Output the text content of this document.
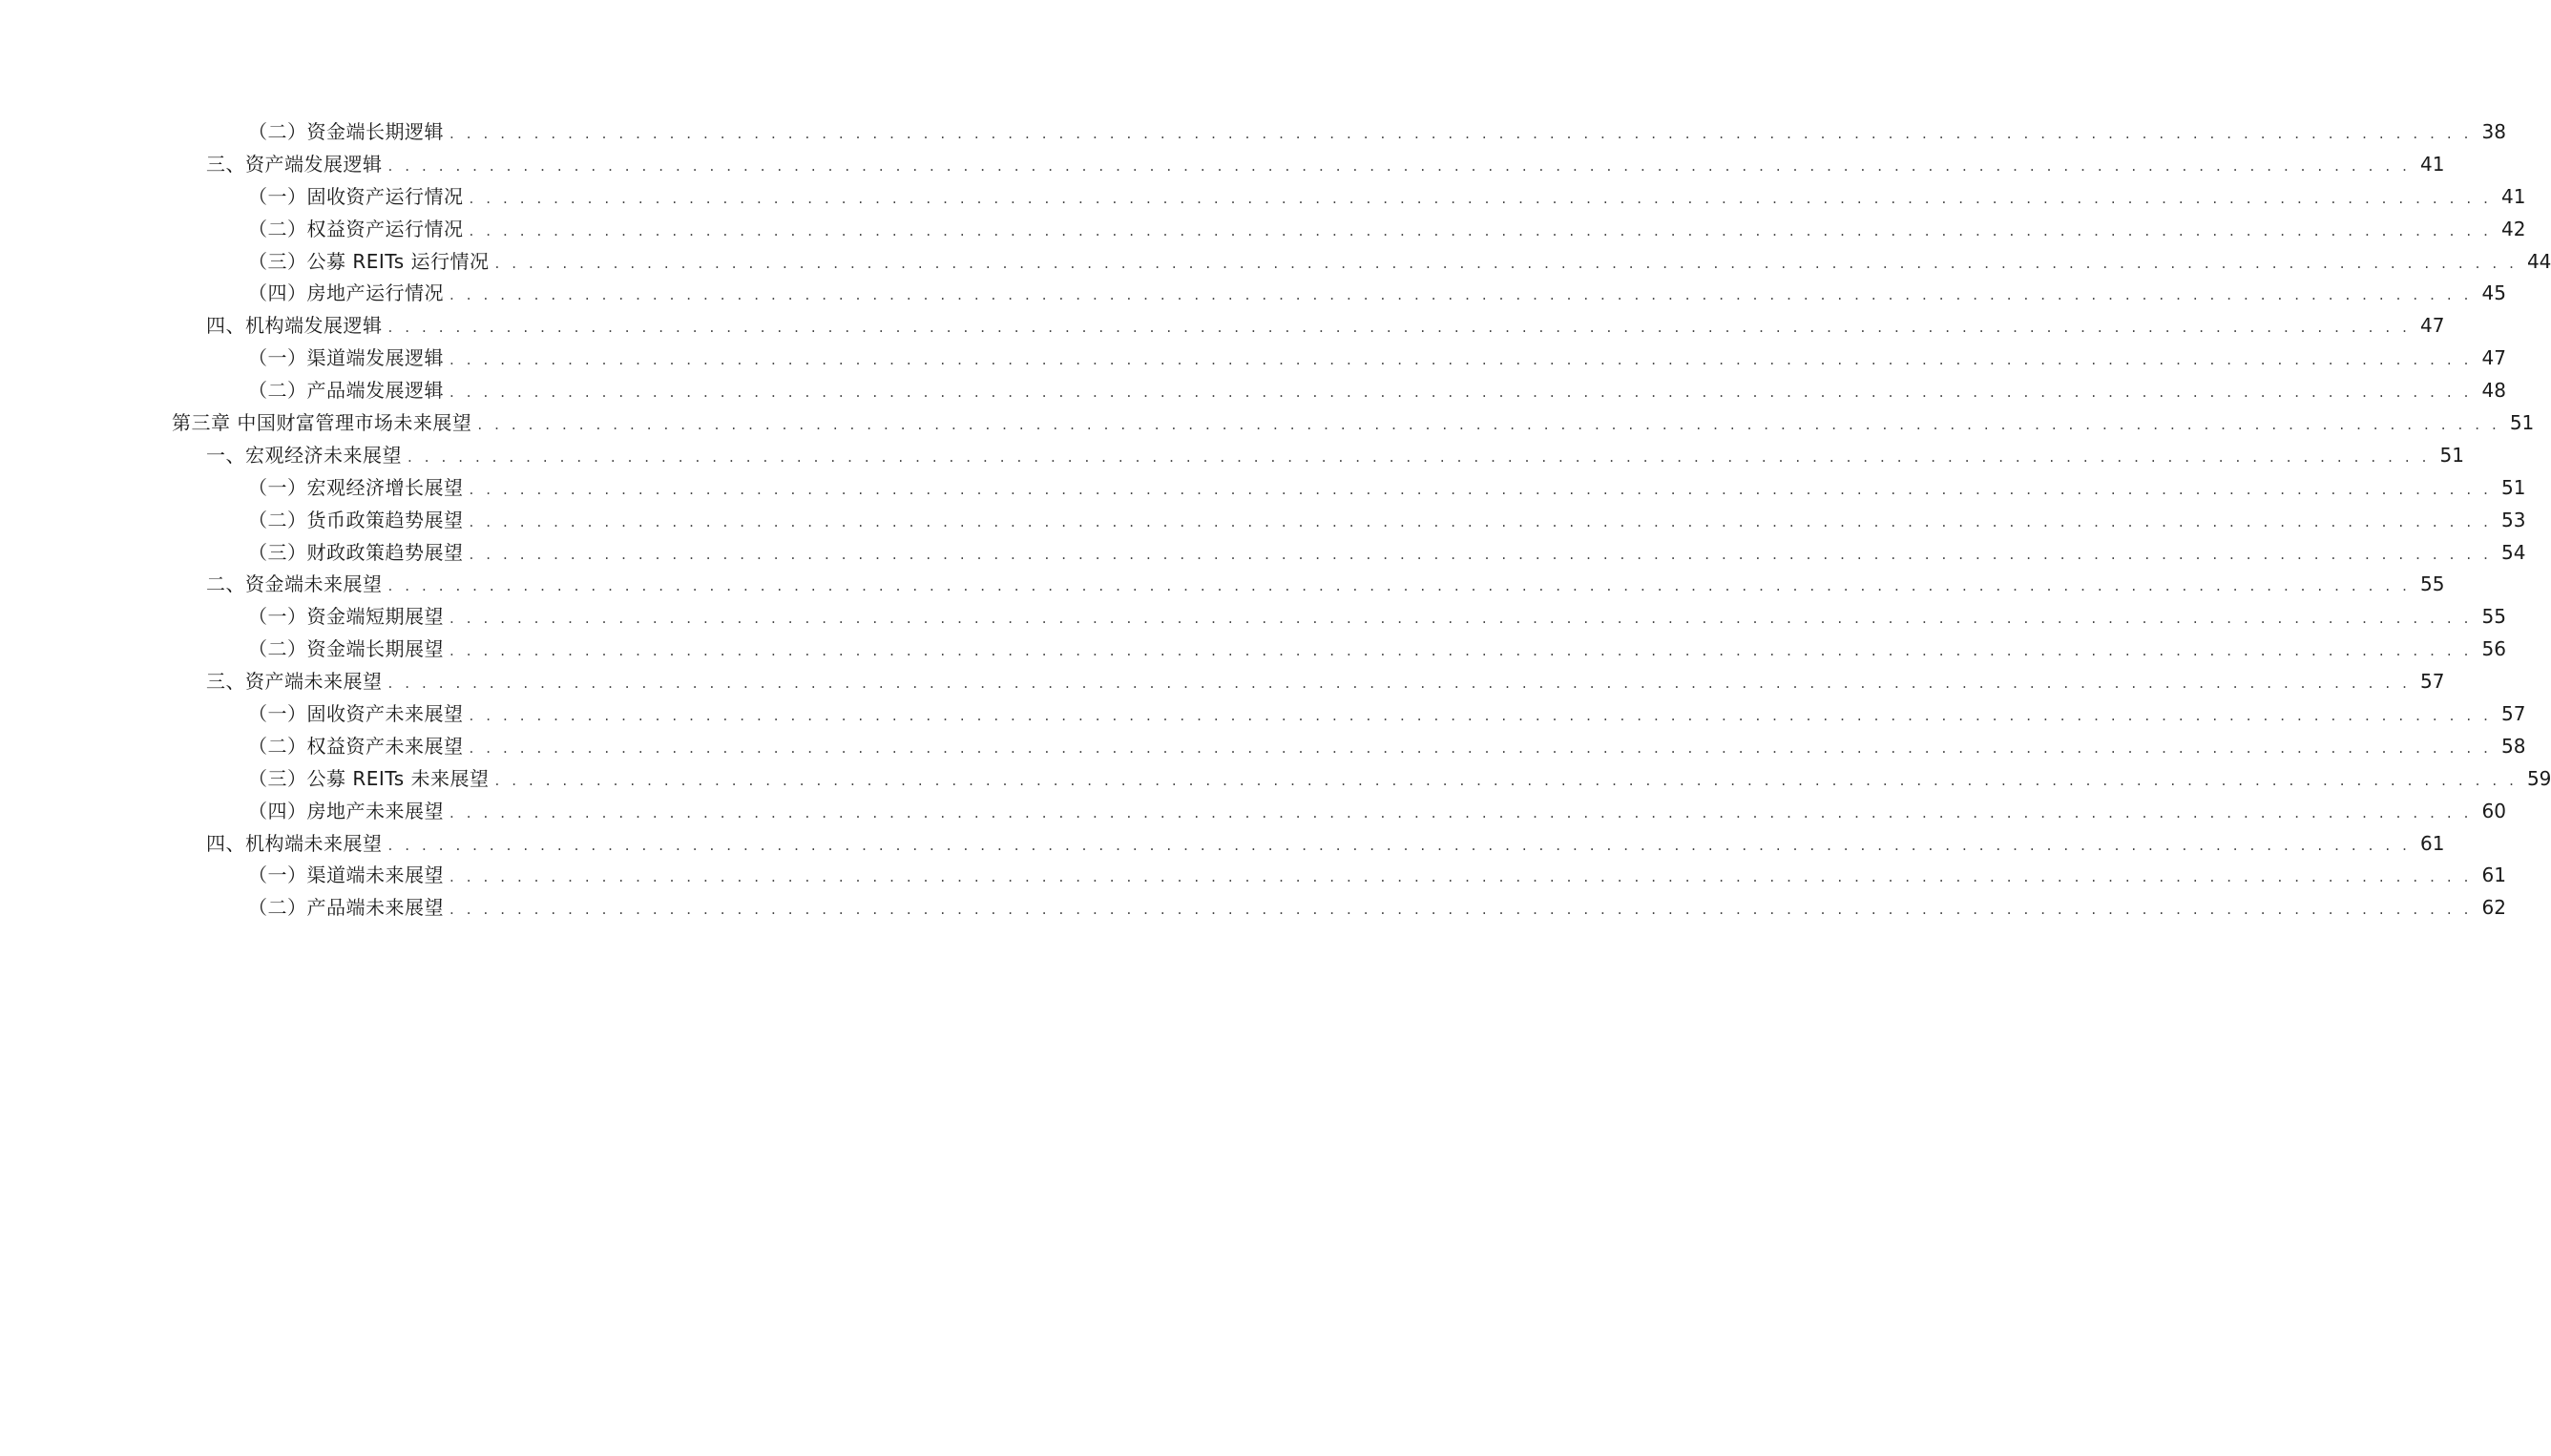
（二）资金端长期逻辑 . . . . . . . . . . . . . . . . . . . . . . . . . . . . . . . . . . . . . . . . . . . . . . . . . . . . . . . . . . . . . . . . . . . . . . . . . . . . . . . . . . . . . . . . . . . . . . . . . . . . . . . . . . . . . . . . . . . . . . . . 38
三、资产端发展逻辑 . . . . . . . . . . . . . . . . . . . . . . . . . . . . . . . . . . . . . . . . . . . . . . . . . . . . . . . . . . . . . . . . . . . . . . . . . . . . . . . . . . . . . . . . . . . . . . . . . . . . . . . . . . . . . . . . . . . . . . . . 41
（一）固收资产运行情况 . . . . . . . . . . . . . . . . . . . . . . . . . . . . . . . . . . . . . . . . . . . . . . . . . . . . . . . . . . . . . . . . . . . . . . . . . . . . . . . . . . . . . . . . . . . . . . . . . . . . . . . . . . . . . . . . . . . . . . . . 41
（二）权益资产运行情况 . . . . . . . . . . . . . . . . . . . . . . . . . . . . . . . . . . . . . . . . . . . . . . . . . . . . . . . . . . . . . . . . . . . . . . . . . . . . . . . . . . . . . . . . . . . . . . . . . . . . . . . . . . . . . . . . . . . . . . . . 42
（三）公募 REITs 运行情况 . . . . . . . . . . . . . . . . . . . . . . . . . . . . . . . . . . . . . . . . . . . . . . . . . . . . . . . . . . . . . . . . . . . . . . . . . . . . . . . . . . . . . . . . . . . . . . . . . . . . . . . . . . . . . . . . . . . . . . . . 44
（四）房地产运行情况 . . . . . . . . . . . . . . . . . . . . . . . . . . . . . . . . . . . . . . . . . . . . . . . . . . . . . . . . . . . . . . . . . . . . . . . . . . . . . . . . . . . . . . . . . . . . . . . . . . . . . . . . . . . . . . . . . . . . . . . . 45
四、机构端发展逻辑 . . . . . . . . . . . . . . . . . . . . . . . . . . . . . . . . . . . . . . . . . . . . . . . . . . . . . . . . . . . . . . . . . . . . . . . . . . . . . . . . . . . . . . . . . . . . . . . . . . . . . . . . . . . . . . . . . . . . . . . . 47
（一）渠道端发展逻辑 . . . . . . . . . . . . . . . . . . . . . . . . . . . . . . . . . . . . . . . . . . . . . . . . . . . . . . . . . . . . . . . . . . . . . . . . . . . . . . . . . . . . . . . . . . . . . . . . . . . . . . . . . . . . . . . . . . . . . . . . 47
（二）产品端发展逻辑 . . . . . . . . . . . . . . . . . . . . . . . . . . . . . . . . . . . . . . . . . . . . . . . . . . . . . . . . . . . . . . . . . . . . . . . . . . . . . . . . . . . . . . . . . . . . . . . . . . . . . . . . . . . . . . . . . . . . . . . . 48
第三章 中国财富管理市场未来展望 . . . . . . . . . . . . . . . . . . . . . . . . . . . . . . . . . . . . . . . . . . . . . . . . . . . . . . . . . . . . . . . . . . . . . . . . . . . . . . . . . . . . . . . . . . . . . . . . . . . . . . . . . . . . . . . . . . . . . . . . 51
一、宏观经济未来展望 . . . . . . . . . . . . . . . . . . . . . . . . . . . . . . . . . . . . . . . . . . . . . . . . . . . . . . . . . . . . . . . . . . . . . . . . . . . . . . . . . . . . . . . . . . . . . . . . . . . . . . . . . . . . . . . . . . . . . . . . 51
（一）宏观经济增长展望 . . . . . . . . . . . . . . . . . . . . . . . . . . . . . . . . . . . . . . . . . . . . . . . . . . . . . . . . . . . . . . . . . . . . . . . . . . . . . . . . . . . . . . . . . . . . . . . . . . . . . . . . . . . . . . . . . . . . . . . . 51
（二）货币政策趋势展望 . . . . . . . . . . . . . . . . . . . . . . . . . . . . . . . . . . . . . . . . . . . . . . . . . . . . . . . . . . . . . . . . . . . . . . . . . . . . . . . . . . . . . . . . . . . . . . . . . . . . . . . . . . . . . . . . . . . . . . . . 53
（三）财政政策趋势展望 . . . . . . . . . . . . . . . . . . . . . . . . . . . . . . . . . . . . . . . . . . . . . . . . . . . . . . . . . . . . . . . . . . . . . . . . . . . . . . . . . . . . . . . . . . . . . . . . . . . . . . . . . . . . . . . . . . . . . . . . 54
二、资金端未来展望 . . . . . . . . . . . . . . . . . . . . . . . . . . . . . . . . . . . . . . . . . . . . . . . . . . . . . . . . . . . . . . . . . . . . . . . . . . . . . . . . . . . . . . . . . . . . . . . . . . . . . . . . . . . . . . . . . . . . . . . . 55
（一）资金端短期展望 . . . . . . . . . . . . . . . . . . . . . . . . . . . . . . . . . . . . . . . . . . . . . . . . . . . . . . . . . . . . . . . . . . . . . . . . . . . . . . . . . . . . . . . . . . . . . . . . . . . . . . . . . . . . . . . . . . . . . . . . 55
（二）资金端长期展望 . . . . . . . . . . . . . . . . . . . . . . . . . . . . . . . . . . . . . . . . . . . . . . . . . . . . . . . . . . . . . . . . . . . . . . . . . . . . . . . . . . . . . . . . . . . . . . . . . . . . . . . . . . . . . . . . . . . . . . . . 56
三、资产端未来展望 . . . . . . . . . . . . . . . . . . . . . . . . . . . . . . . . . . . . . . . . . . . . . . . . . . . . . . . . . . . . . . . . . . . . . . . . . . . . . . . . . . . . . . . . . . . . . . . . . . . . . . . . . . . . . . . . . . . . . . . . 57
（一）固收资产未来展望 . . . . . . . . . . . . . . . . . . . . . . . . . . . . . . . . . . . . . . . . . . . . . . . . . . . . . . . . . . . . . . . . . . . . . . . . . . . . . . . . . . . . . . . . . . . . . . . . . . . . . . . . . . . . . . . . . . . . . . . . 57
（二）权益资产未来展望 . . . . . . . . . . . . . . . . . . . . . . . . . . . . . . . . . . . . . . . . . . . . . . . . . . . . . . . . . . . . . . . . . . . . . . . . . . . . . . . . . . . . . . . . . . . . . . . . . . . . . . . . . . . . . . . . . . . . . . . . 58
（三）公募 REITs 未来展望 . . . . . . . . . . . . . . . . . . . . . . . . . . . . . . . . . . . . . . . . . . . . . . . . . . . . . . . . . . . . . . . . . . . . . . . . . . . . . . . . . . . . . . . . . . . . . . . . . . . . . . . . . . . . . . . . . . . . . . . . 59
（四）房地产未来展望 . . . . . . . . . . . . . . . . . . . . . . . . . . . . . . . . . . . . . . . . . . . . . . . . . . . . . . . . . . . . . . . . . . . . . . . . . . . . . . . . . . . . . . . . . . . . . . . . . . . . . . . . . . . . . . . . . . . . . . . . 60
四、机构端未来展望 . . . . . . . . . . . . . . . . . . . . . . . . . . . . . . . . . . . . . . . . . . . . . . . . . . . . . . . . . . . . . . . . . . . . . . . . . . . . . . . . . . . . . . . . . . . . . . . . . . . . . . . . . . . . . . . . . . . . . . . . 61
（一）渠道端未来展望 . . . . . . . . . . . . . . . . . . . . . . . . . . . . . . . . . . . . . . . . . . . . . . . . . . . . . . . . . . . . . . . . . . . . . . . . . . . . . . . . . . . . . . . . . . . . . . . . . . . . . . . . . . . . . . . . . . . . . . . . 61
（二）产品端未来展望 . . . . . . . . . . . . . . . . . . . . . . . . . . . . . . . . . . . . . . . . . . . . . . . . . . . . . . . . . . . . . . . . . . . . . . . . . . . . . . . . . . . . . . . . . . . . . . . . . . . . . . . . . . . . . . . . . . . . . . . . 62
